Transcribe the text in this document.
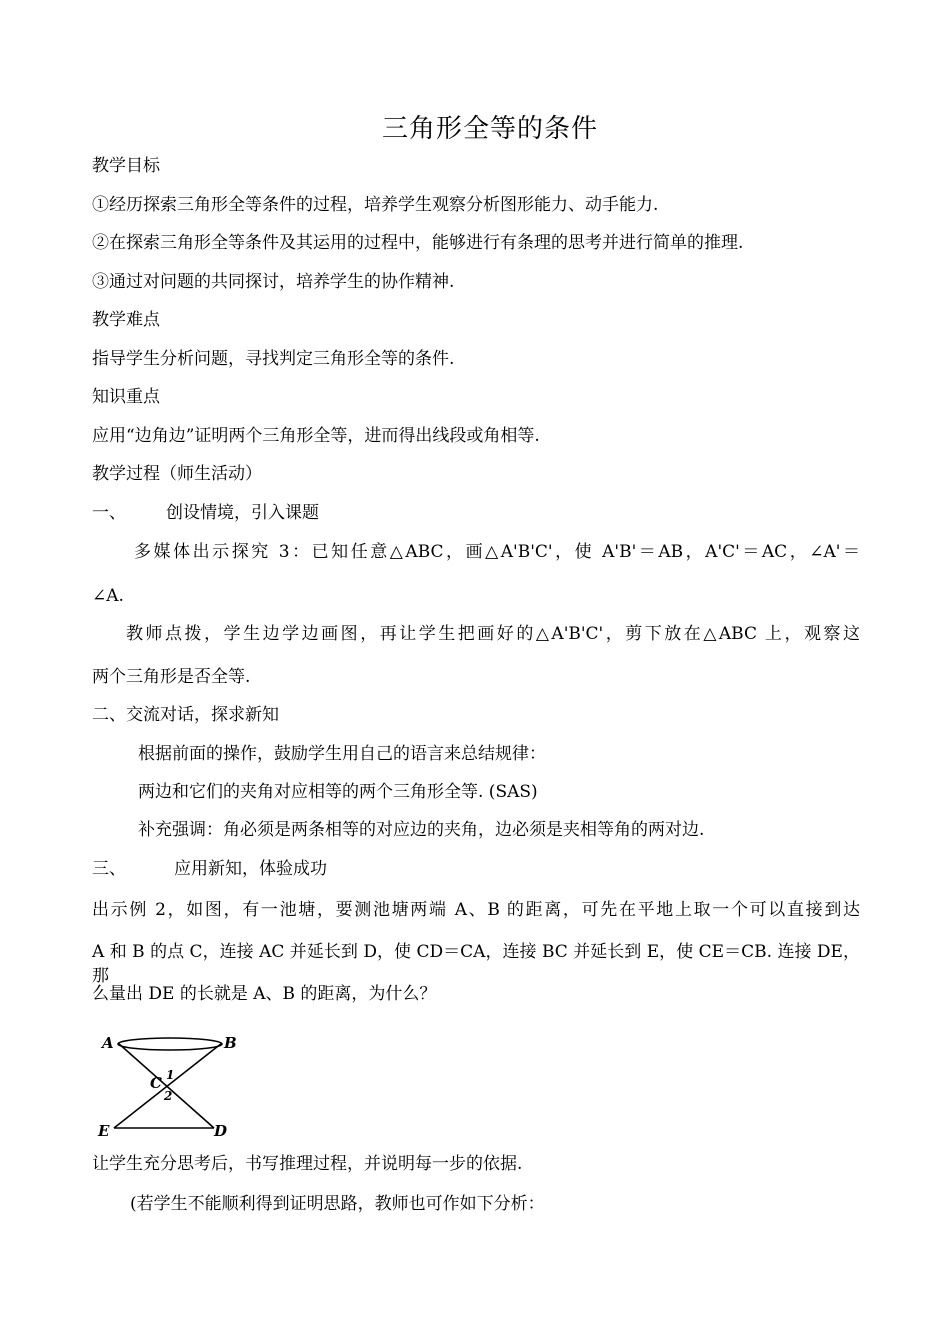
三角形全等的条件
教学目标
①经历探索三角形全等条件的过程，培养学生观察分析图形能力、动手能力.
②在探索三角形全等条件及其运用的过程中，能够进行有条理的思考并进行简单的推理.
③通过对问题的共同探讨，培养学生的协作精神.
教学难点
指导学生分析问题，寻找判定三角形全等的条件.
知识重点
应用“边角边”证明两个三角形全等，进而得出线段或角相等.
教学过程（师生活动）
一、 创设情境，引入课题
多媒体出示探究 3：已知任意△ABC，画△A'B'C'，使 A'B'＝AB，A'C'＝AC，∠A'＝
∠A.
教师点拨，学生边学边画图，再让学生把画好的△A'B'C'，剪下放在△ABC 上，观察这
两个三角形是否全等.
二、交流对话，探求新知
根据前面的操作，鼓励学生用自己的语言来总结规律：
两边和它们的夹角对应相等的两个三角形全等. (SAS)
补充强调：角必须是两条相等的对应边的夹角，边必须是夹相等角的两对边.
三、	应用新知，体验成功
出示例 2，如图，有一池塘，要测池塘两端 A、B 的距离，可先在平地上取一个可以直接到达
A 和 B 的点 C，连接 AC 并延长到 D，使 CD＝CA，连接 BC 并延长到 E，使 CE＝CB. 连接 DE，那
么量出 DE 的长就是 A、B 的距离，为什么？
A	B
C 1
2
E	D
让学生充分思考后，书写推理过程，并说明每一步的依据.
(若学生不能顺利得到证明思路，教师也可作如下分析：
